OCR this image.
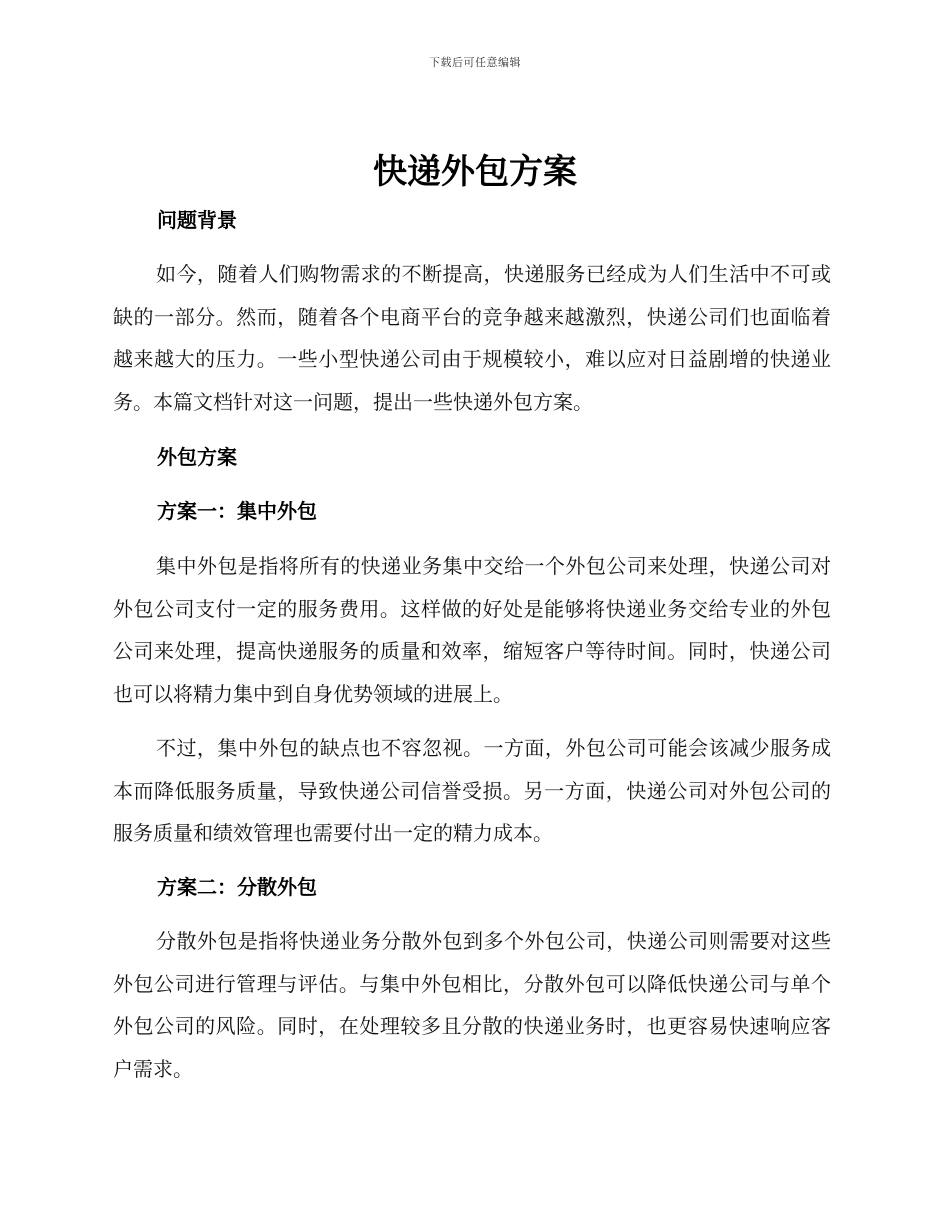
下载后可任意编辑
快递外包方案
问题背景

如今，随着人们购物需求的不断提高，快递服务已经成为人们生活中不可或缺的一部分。然而，随着各个电商平台的竞争越来越激烈，快递公司们也面临着越来越大的压力。一些小型快递公司由于规模较小，难以应对日益剧增的快递业务。本篇文档针对这一问题，提出一些快递外包方案。

外包方案
方案一：集中外包

集中外包是指将所有的快递业务集中交给一个外包公司来处理，快递公司对外包公司支付一定的服务费用。这样做的好处是能够将快递业务交给专业的外包公司来处理，提高快递服务的质量和效率，缩短客户等待时间。同时，快递公司也可以将精力集中到自身优势领域的进展上。

不过，集中外包的缺点也不容忽视。一方面，外包公司可能会该减少服务成本而降低服务质量，导致快递公司信誉受损。另一方面，快递公司对外包公司的服务质量和绩效管理也需要付出一定的精力成本。

方案二：分散外包

分散外包是指将快递业务分散外包到多个外包公司，快递公司则需要对这些外包公司进行管理与评估。与集中外包相比，分散外包可以降低快递公司与单个外包公司的风险。同时，在处理较多且分散的快递业务时，也更容易快速响应客户需求。
